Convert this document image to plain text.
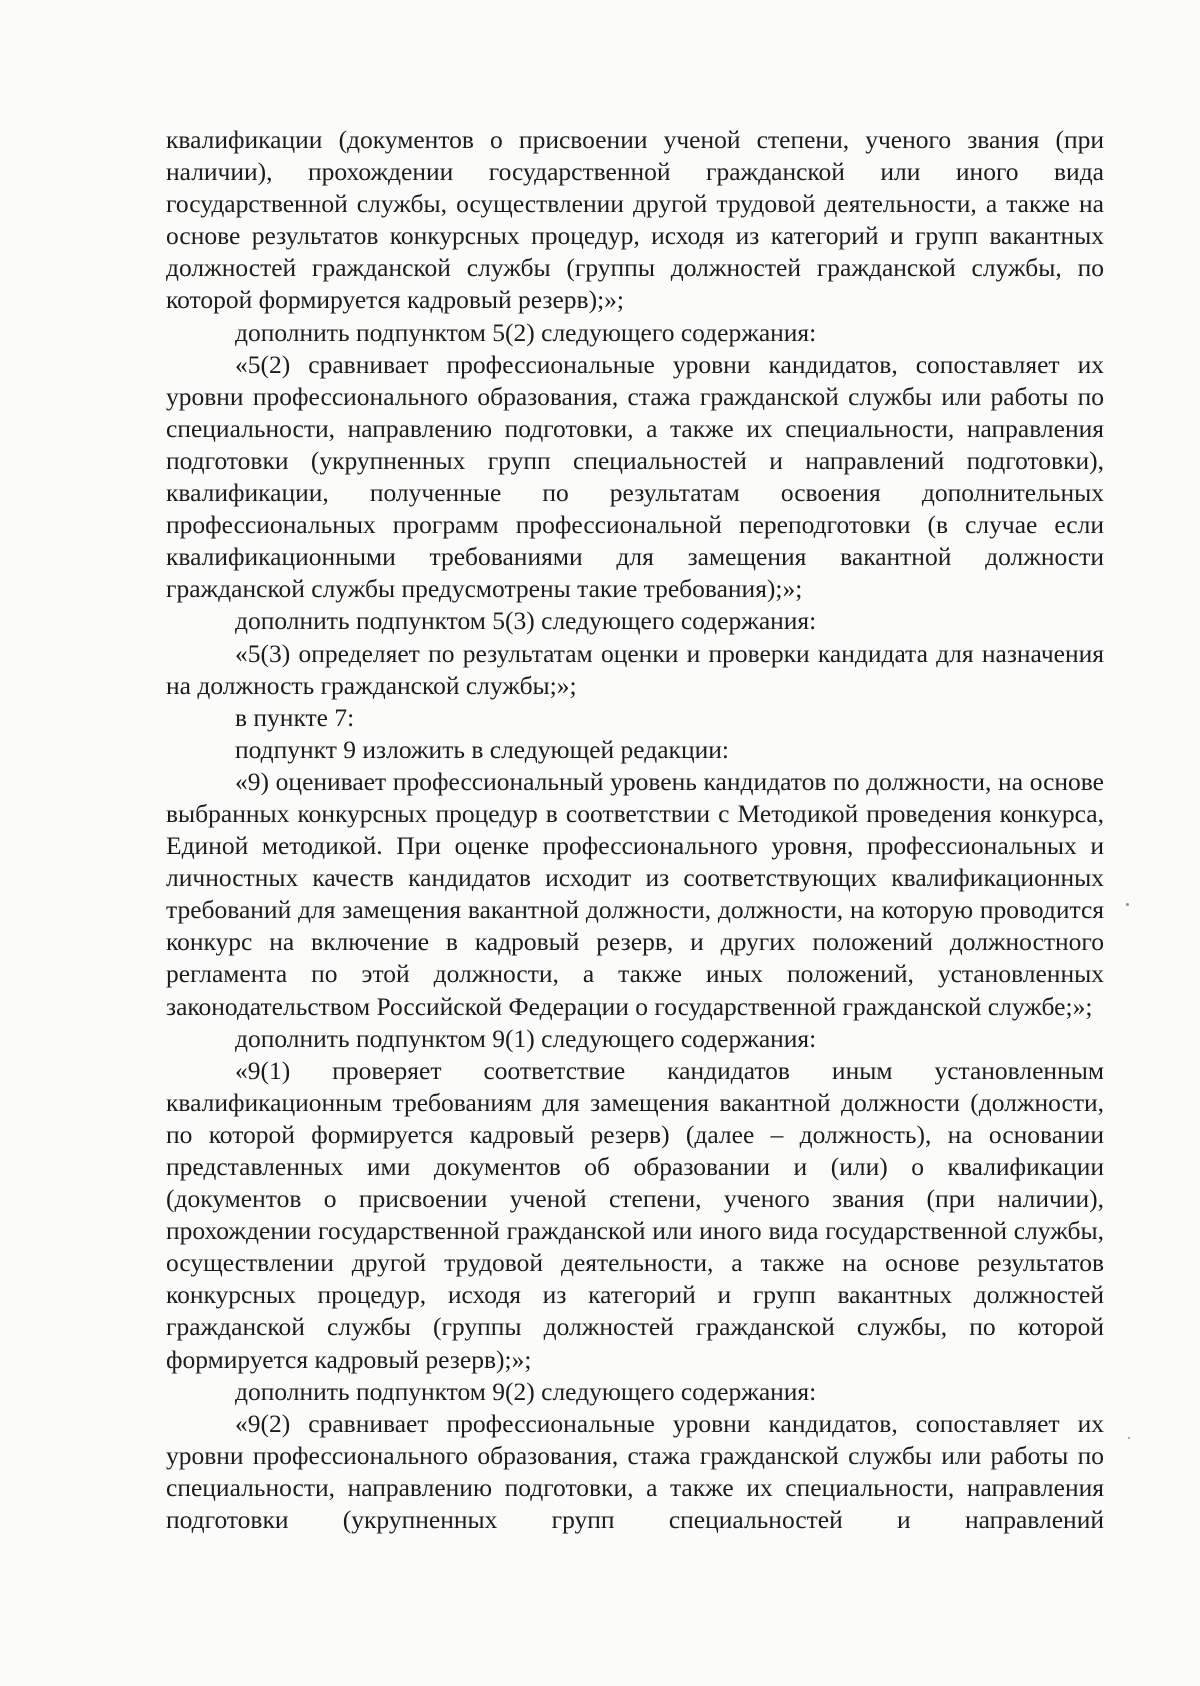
квалификации (документов о присвоении ученой степени, ученого звания (при наличии), прохождении государственной гражданской или иного вида государственной службы, осуществлении другой трудовой деятельности, а также на основе результатов конкурсных процедур, исходя из категорий и групп вакантных должностей гражданской службы (группы должностей гражданской службы, по которой формируется кадровый резерв);»;

дополнить подпунктом 5(2) следующего содержания:

«5(2) сравнивает профессиональные уровни кандидатов, сопоставляет их уровни профессионального образования, стажа гражданской службы или работы по специальности, направлению подготовки, а также их специальности, направления подготовки (укрупненных групп специальностей и направлений подготовки), квалификации, полученные по результатам освоения дополнительных профессиональных программ профессиональной переподготовки (в случае если квалификационными требованиями для замещения вакантной должности гражданской службы предусмотрены такие требования);»;

дополнить подпунктом 5(3) следующего содержания:

«5(3) определяет по результатам оценки и проверки кандидата для назначения на должность гражданской службы;»;

в пункте 7:

подпункт 9 изложить в следующей редакции:

«9) оценивает профессиональный уровень кандидатов по должности, на основе выбранных конкурсных процедур в соответствии с Методикой проведения конкурса, Единой методикой. При оценке профессионального уровня, профессиональных и личностных качеств кандидатов исходит из соответствующих квалификационных требований для замещения вакантной должности, должности, на которую проводится конкурс на включение в кадровый резерв, и других положений должностного регламента по этой должности, а также иных положений, установленных законодательством Российской Федерации о государственной гражданской службе;»;

дополнить подпунктом 9(1) следующего содержания:

«9(1) проверяет соответствие кандидатов иным установленным квалификационным требованиям для замещения вакантной должности (должности, по которой формируется кадровый резерв) (далее – должность), на основании представленных ими документов об образовании и (или) о квалификации (документов о присвоении ученой степени, ученого звания (при наличии), прохождении государственной гражданской или иного вида государственной службы, осуществлении другой трудовой деятельности, а также на основе результатов конкурсных процедур, исходя из категорий и групп вакантных должностей гражданской службы (группы должностей гражданской службы, по которой формируется кадровый резерв);»;

дополнить подпунктом 9(2) следующего содержания:

«9(2) сравнивает профессиональные уровни кандидатов, сопоставляет их уровни профессионального образования, стажа гражданской службы или работы по специальности, направлению подготовки, а также их специальности, направления подготовки (укрупненных групп специальностей и направлений
